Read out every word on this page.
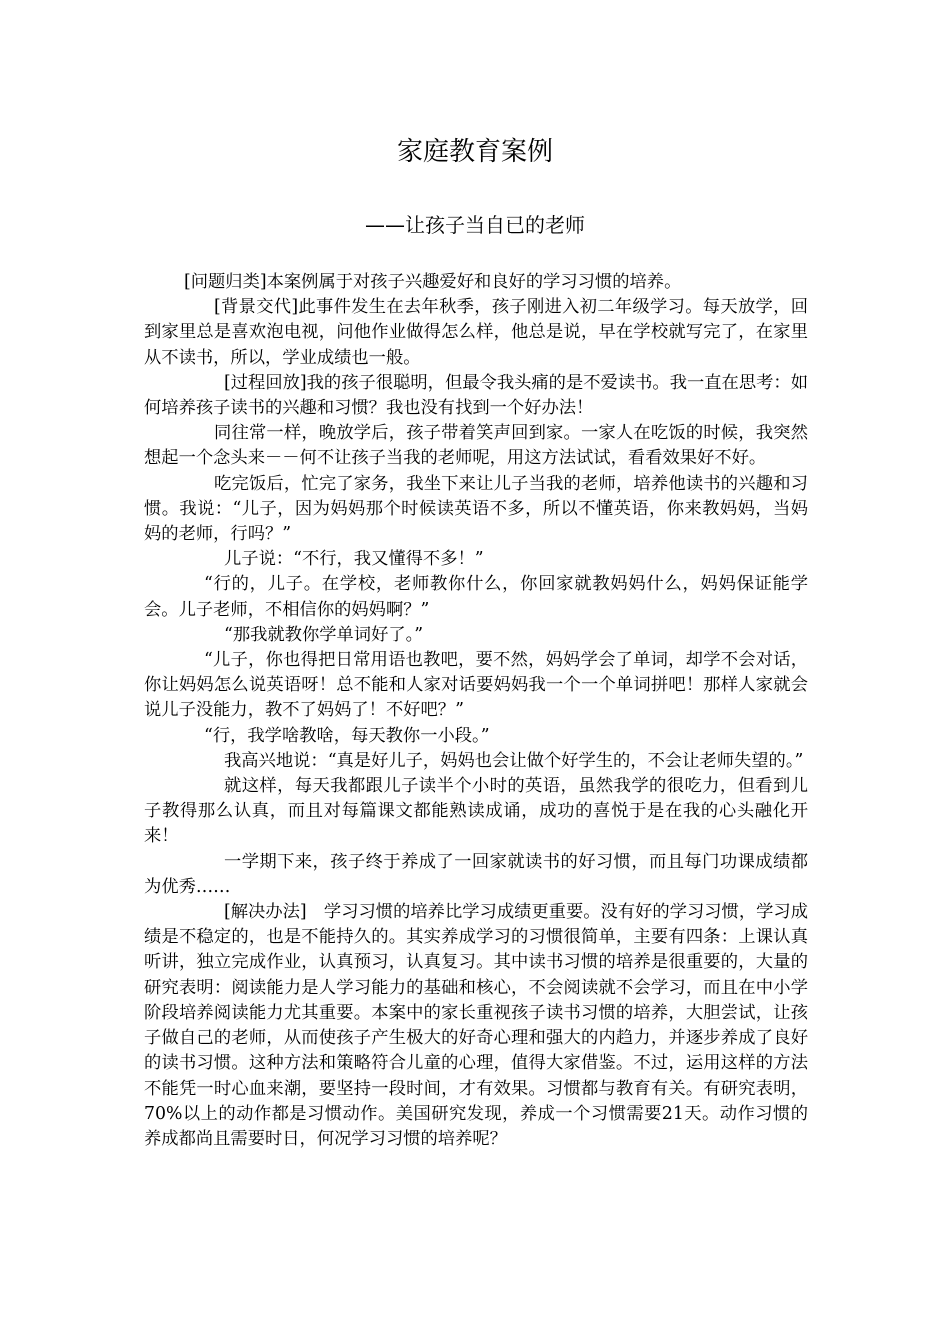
家庭教育案例
——让孩子当自已的老师

[问题归类]本案例属于对孩子兴趣爱好和良好的学习习惯的培养。

[背景交代]此事件发生在去年秋季，孩子刚进入初二年级学习。每天放学，回到家里总是喜欢泡电视，问他作业做得怎么样，他总是说，早在学校就写完了，在家里从不读书，所以，学业成绩也一般。

[过程回放]我的孩子很聪明，但最令我头痛的是不爱读书。我一直在思考：如何培养孩子读书的兴趣和习惯？我也没有找到一个好办法！

同往常一样，晚放学后，孩子带着笑声回到家。一家人在吃饭的时候，我突然想起一个念头来－－何不让孩子当我的老师呢，用这方法试试，看看效果好不好。

吃完饭后，忙完了家务，我坐下来让儿子当我的老师，培养他读书的兴趣和习惯。我说：“儿子，因为妈妈那个时候读英语不多，所以不懂英语，你来教妈妈，当妈妈的老师，行吗？”

儿子说：“不行，我又懂得不多！”

“行的，儿子。在学校，老师教你什么，你回家就教妈妈什么，妈妈保证能学会。儿子老师，不相信你的妈妈啊？”

“那我就教你学单词好了。”

“儿子，你也得把日常用语也教吧，要不然，妈妈学会了单词，却学不会对话，你让妈妈怎么说英语呀！总不能和人家对话要妈妈我一个一个单词拼吧！那样人家就会说儿子没能力，教不了妈妈了！不好吧？”

“行，我学啥教啥，每天教你一小段。”

我高兴地说：“真是好儿子，妈妈也会让做个好学生的，不会让老师失望的。”

就这样，每天我都跟儿子读半个小时的英语，虽然我学的很吃力，但看到儿子教得那么认真，而且对每篇课文都能熟读成诵，成功的喜悦于是在我的心头融化开来！

一学期下来，孩子终于养成了一回家就读书的好习惯，而且每门功课成绩都为优秀……

[解决办法]　学习习惯的培养比学习成绩更重要。没有好的学习习惯，学习成绩是不稳定的，也是不能持久的。其实养成学习的习惯很简单，主要有四条：上课认真听讲，独立完成作业，认真预习，认真复习。其中读书习惯的培养是很重要的，大量的研究表明：阅读能力是人学习能力的基础和核心，不会阅读就不会学习，而且在中小学阶段培养阅读能力尤其重要。本案中的家长重视孩子读书习惯的培养，大胆尝试，让孩子做自己的老师，从而使孩子产生极大的好奇心理和强大的内趋力，并逐步养成了良好的读书习惯。这种方法和策略符合儿童的心理，值得大家借鉴。不过，运用这样的方法不能凭一时心血来潮，要坚持一段时间，才有效果。习惯都与教育有关。有研究表明，70%以上的动作都是习惯动作。美国研究发现，养成一个习惯需要21天。动作习惯的养成都尚且需要时日，何况学习习惯的培养呢？
